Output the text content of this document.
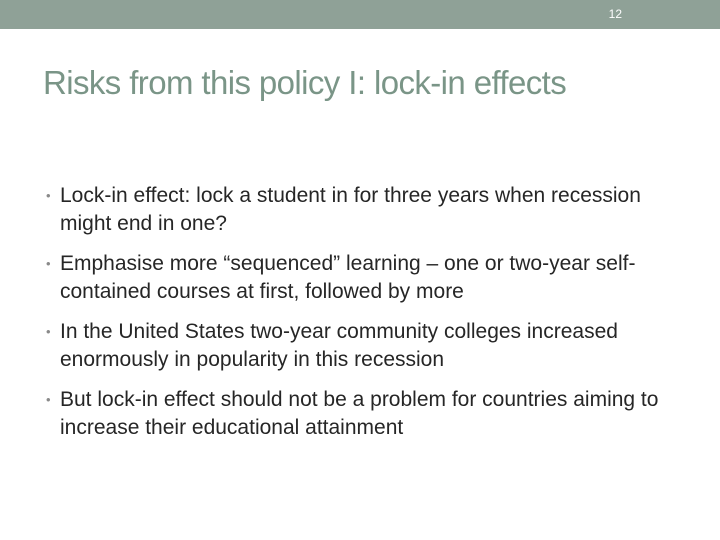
12
Risks from this policy I: lock-in effects
• Lock-in effect: lock a student in for three years when recession might end in one?
• Emphasise more “sequenced” learning – one or two-year self-contained courses at first, followed by more
• In the United States two-year community colleges increased enormously in popularity in this recession
• But lock-in effect should not be a problem for countries aiming to increase their educational attainment
